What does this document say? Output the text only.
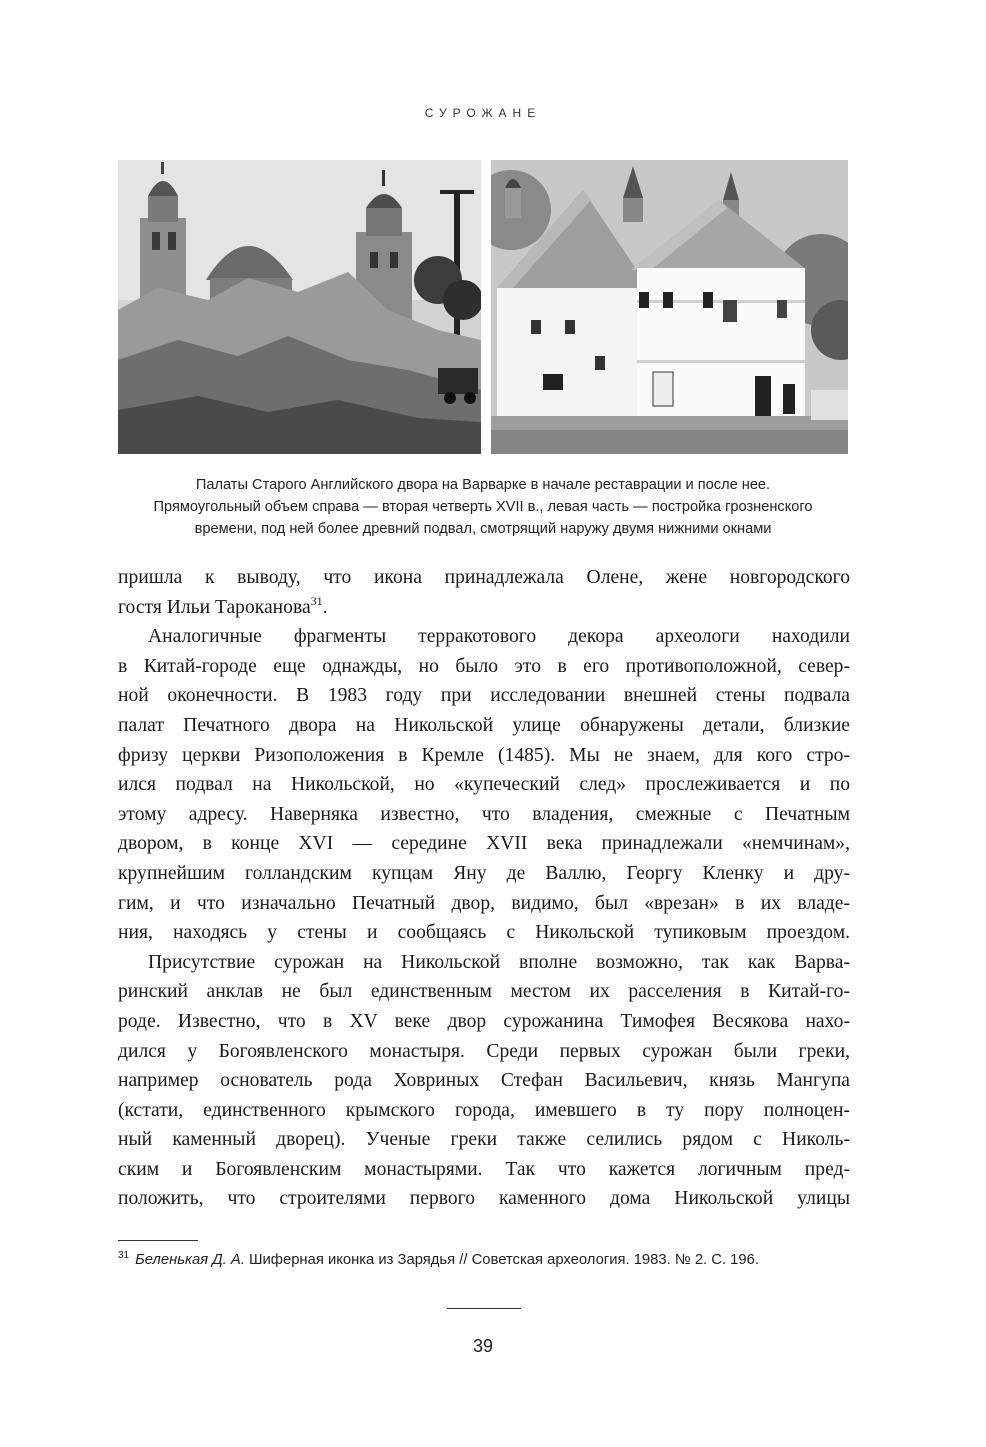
СУРОЖАНЕ
Палаты Старого Английского двора на Варварке в начале реставрации и после нее.
Прямоугольный объем справа — вторая четверть XVII в., левая часть — постройка грозненского
времени, под ней более древний подвал, смотрящий наружу двумя нижними окнами
пришла к выводу, что икона принадлежала Олене, жене новгородского
гостя Ильи Тароканова$^{31}$.
Аналогичные фрагменты терракотового декора археологи находили
в Китай-городе еще однажды, но было это в его противоположной, север-
ной оконечности. В 1983 году при исследовании внешней стены подвала
палат Печатного двора на Никольской улице обнаружены детали, близкие
фризу церкви Ризоположения в Кремле (1485). Мы не знаем, для кого стро-
ился подвал на Никольской, но «купеческий след» прослеживается и по
этому адресу. Наверняка известно, что владения, смежные с Печатным
двором, в конце XVI — середине XVII века принадлежали «немчинам»,
крупнейшим голландским купцам Яну де Валлю, Георгу Кленку и дру-
гим, и что изначально Печатный двор, видимо, был «врезан» в их владе-
ния, находясь у стены и сообщаясь с Никольской тупиковым проездом.
Присутствие сурожан на Никольской вполне возможно, так как Варва-
ринский анклав не был единственным местом их расселения в Китай-го-
роде. Известно, что в XV веке двор сурожанина Тимофея Весякова нахо-
дился у Богоявленского монастыря. Среди первых сурожан были греки,
например основатель рода Ховриных Стефан Васильевич, князь Мангупа
(кстати, единственного крымского города, имевшего в ту пору полноцен-
ный каменный дворец). Ученые греки также селились рядом с Николь-
ским и Богоявленским монастырями. Так что кажется логичным пред-
положить, что строителями первого каменного дома Никольской улицы
$^{31}$ Беленькая Д. А. Шиферная иконка из Зарядья // Советская археология. 1983. № 2. С. 196.
39
